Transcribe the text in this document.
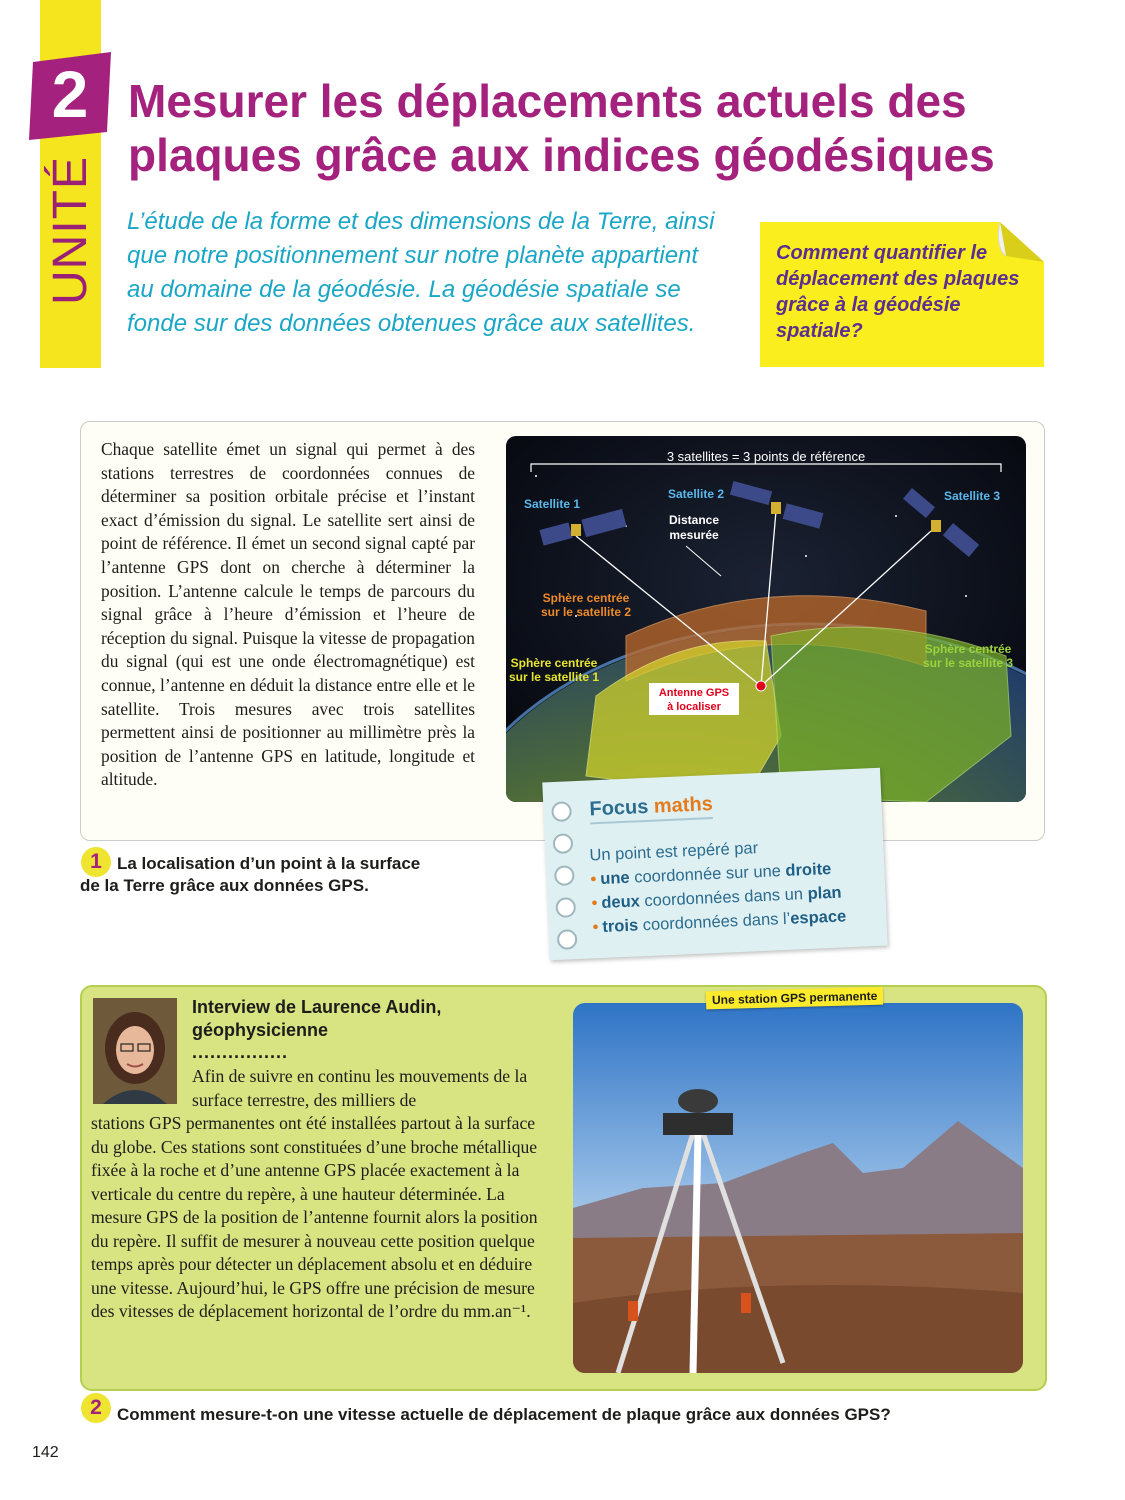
UNITÉ
2 Mesurer les déplacements actuels des plaques grâce aux indices géodésiques

L’étude de la forme et des dimensions de la Terre, ainsi que notre positionnement sur notre planète appartient au domaine de la géodésie. La géodésie spatiale se fonde sur des données obtenues grâce aux satellites.

Comment quantifier le déplacement des plaques grâce à la géodésie spatiale?

Chaque satellite émet un signal qui permet à des stations terrestres de coordonnées connues de déterminer sa position orbitale précise et l’instant exact d’émission du signal. Le satellite sert ainsi de point de référence. Il émet un second signal capté par l’antenne GPS dont on cherche à déterminer la position. L’antenne calcule le temps de parcours du signal grâce à l’heure d’émission et l’heure de réception du signal. Puisque la vitesse de propagation du signal (qui est une onde électromagnétique) est connue, l’antenne en déduit la distance entre elle et le satellite. Trois mesures avec trois satellites permettent ainsi de positionner au millimètre près la position de l’antenne GPS en latitude, longitude et altitude.

3 satellites = 3 points de référence
Satellite 1
Satellite 2	Satellite 3
Distance
mesurée
Sphère centrée
sur le satellite 2
Sphère centrée
sur le satellite 1
Sphère centrée
sur le satellite 3
Antenne GPS
à localiser
1 La localisation d’un point à la surface

de la Terre grâce aux données GPS.

Focus maths
Un point est repéré par
• une coordonnée sur une droite
• deux coordonnées dans un plan
• trois coordonnées dans l’espace

Interview de Laurence Audin,
géophysicienne

................

Afin de suivre en continu les mouvements de la surface terrestre, des milliers de
stations GPS permanentes ont été installées partout à la surface du globe. Ces stations sont constituées d’une broche métallique fixée à la roche et d’une antenne GPS placée exactement à la verticale du centre du repère, à une hauteur déterminée. La mesure GPS de la position de l’antenne fournit alors la position du repère. Il suffit de mesurer à nouveau cette position quelque temps après pour détecter un déplacement absolu et en déduire une vitesse. Aujourd’hui, le GPS offre une précision de mesure des vitesses de déplacement horizontal de l’ordre du mm.an⁻¹.

Une station GPS permanente
2 Comment mesure-t-on une vitesse actuelle de déplacement de plaque grâce aux données GPS?

142
